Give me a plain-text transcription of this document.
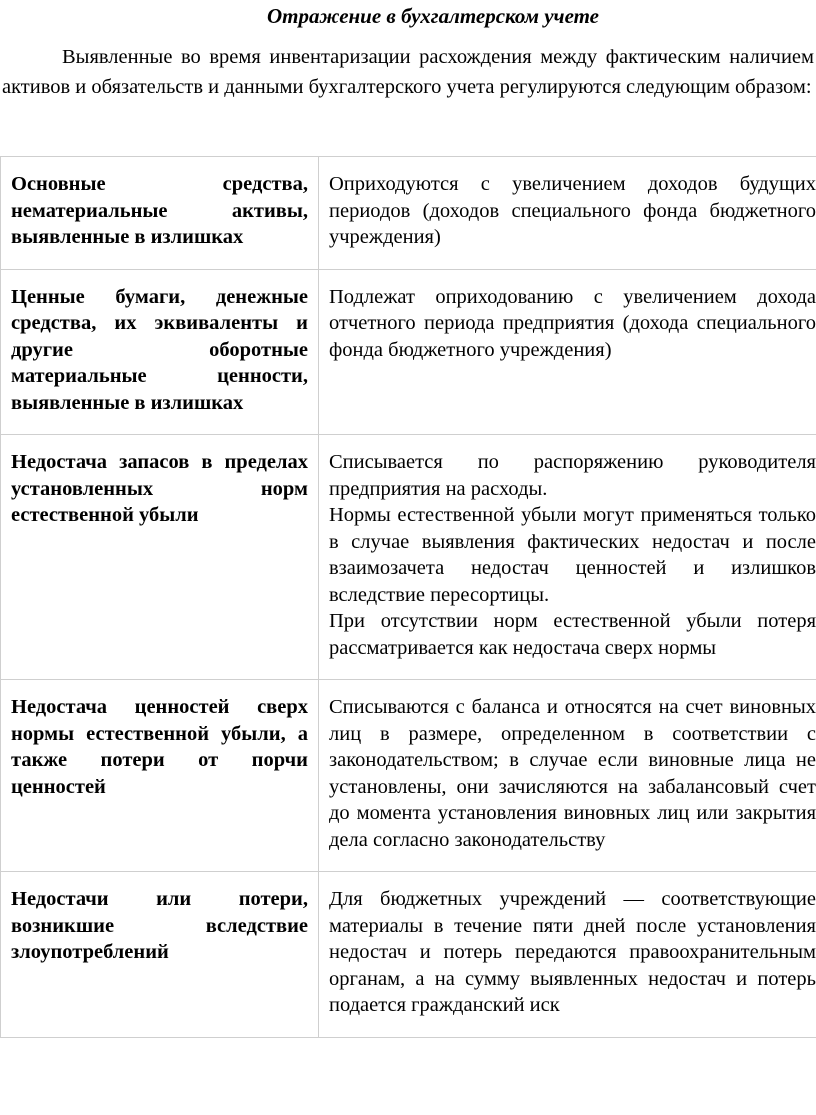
Отражение в бухгалтерском учете

Выявленные во время инвентаризации расхождения между фактическим наличием активов и обязательств и данными бухгалтерского учета регулируются следующим образом:

Основные средства, нематериальные активы, выявленные в излишках	Оприходуются с увеличением доходов будущих периодов (доходов специального фонда бюджетного учреждения)

Ценные бумаги, денежные средства, их эквиваленты и другие оборотные материальные ценности, выявленные в излишках	Подлежат оприходованию с увеличением дохода отчетного периода предприятия (дохода специального фонда бюджетного учреждения)

Недостача запасов в пределах установленных норм естественной убыли	Списывается по распоряжению руководителя предприятия на расходы.
Нормы естественной убыли могут применяться только в случае выявления фактических недостач и после взаимозачета недостач ценностей и излишков вследствие пересортицы.
При отсутствии норм естественной убыли потеря рассматривается как недостача сверх нормы

Недостача ценностей сверх нормы естественной убыли, а также потери от порчи ценностей	Списываются с баланса и относятся на счет виновных лиц в размере, определенном в соответствии с законодательством; в случае если виновные лица не установлены, они зачисляются на забалансовый счет до момента установления виновных лиц или закрытия дела согласно законодательству

Недостачи или потери, возникшие вследствие злоупотреблений	Для бюджетных учреждений — соответствующие материалы в течение пяти дней после установления недостач и потерь передаются правоохранительным органам, а на сумму выявленных недостач и потерь подается гражданский иск
